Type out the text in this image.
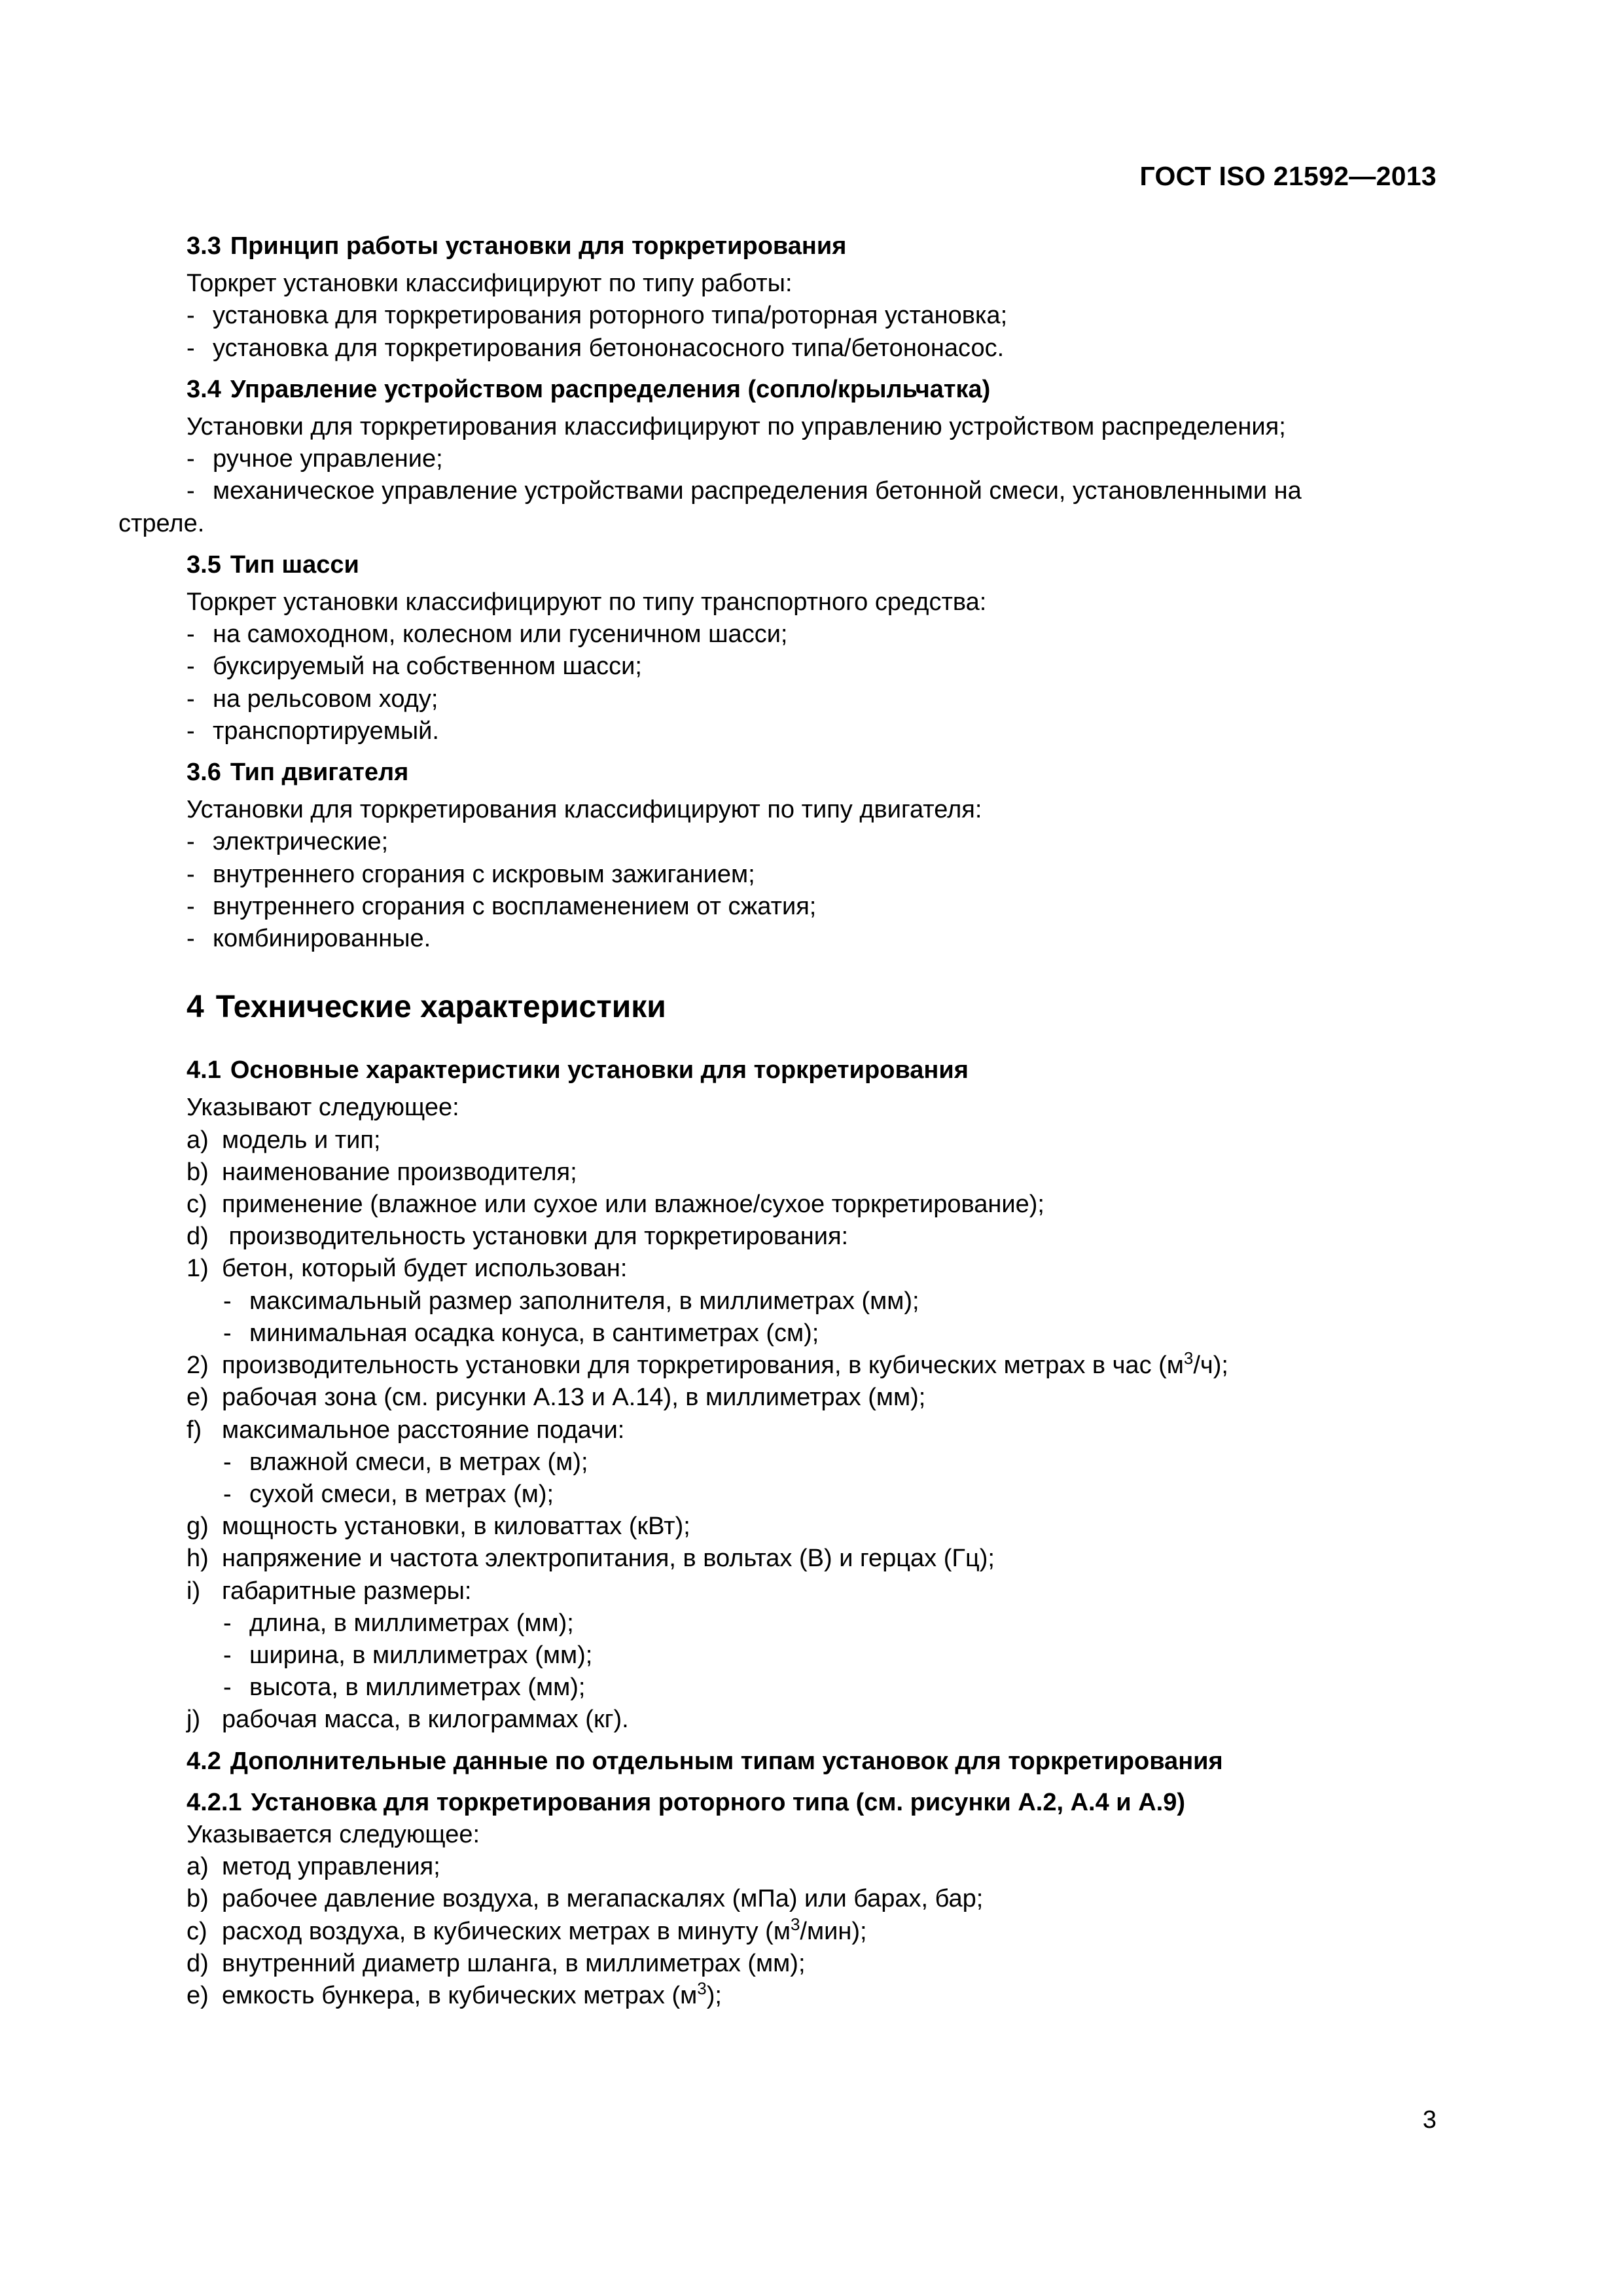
ГОСТ ISO 21592—2013
3.3 Принцип работы установки для торкретирования
Торкрет установки классифицируют по типу работы:
- установка для торкретирования роторного типа/роторная установка;
- установка для торкретирования бетононасосного типа/бетононасос.
3.4 Управление устройством распределения (сопло/крыльчатка)
Установки для торкретирования классифицируют по управлению устройством распределения;
- ручное управление;
- механическое управление устройствами распределения бетонной смеси, установленными на
стреле.
3.5 Тип шасси
Торкрет установки классифицируют по типу транспортного средства:
- на самоходном, колесном или гусеничном шасси;
- буксируемый на собственном шасси;
- на рельсовом ходу;
- транспортируемый.
3.6 Тип двигателя
Установки для торкретирования классифицируют по типу двигателя:
- электрические;
- внутреннего сгорания с искровым зажиганием;
- внутреннего сгорания с воспламенением от сжатия;
- комбинированные.
4 Технические характеристики
4.1 Основные характеристики установки для торкретирования
Указывают следующее:
a) модель и тип;
b) наименование производителя;
c) применение (влажное или сухое или влажное/сухое торкретирование);
d) производительность установки для торкретирования:
1) бетон, который будет использован:
- максимальный размер заполнителя, в миллиметрах (мм);
- минимальная осадка конуса, в сантиметрах (см);
2) производительность установки для торкретирования, в кубических метрах в час $(м^3/ч)$;
e) рабочая зона (см. рисунки А.13 и А.14), в миллиметрах (мм);
f) максимальное расстояние подачи:
- влажной смеси, в метрах (м);
- сухой смеси, в метрах (м);
g) мощность установки, в киловаттах (кВт);
h) напряжение и частота электропитания, в вольтах (В) и герцах (Гц);
i) габаритные размеры:
- длина, в миллиметрах (мм);
- ширина, в миллиметрах (мм);
- высота, в миллиметрах (мм);
j) рабочая масса, в килограммах (кг).
4.2 Дополнительные данные по отдельным типам установок для торкретирования
4.2.1 Установка для торкретирования роторного типа (см. рисунки А.2, А.4 и А.9)
Указывается следующее:
a) метод управления;
b) рабочее давление воздуха, в мегапаскалях (мПа) или барах, бар;
c) расход воздуха, в кубических метрах в минуту $(м^3/мин)$;
d) внутренний диаметр шланга, в миллиметрах (мм);
e) емкость бункера, в кубических метрах $(м^3)$;
3
